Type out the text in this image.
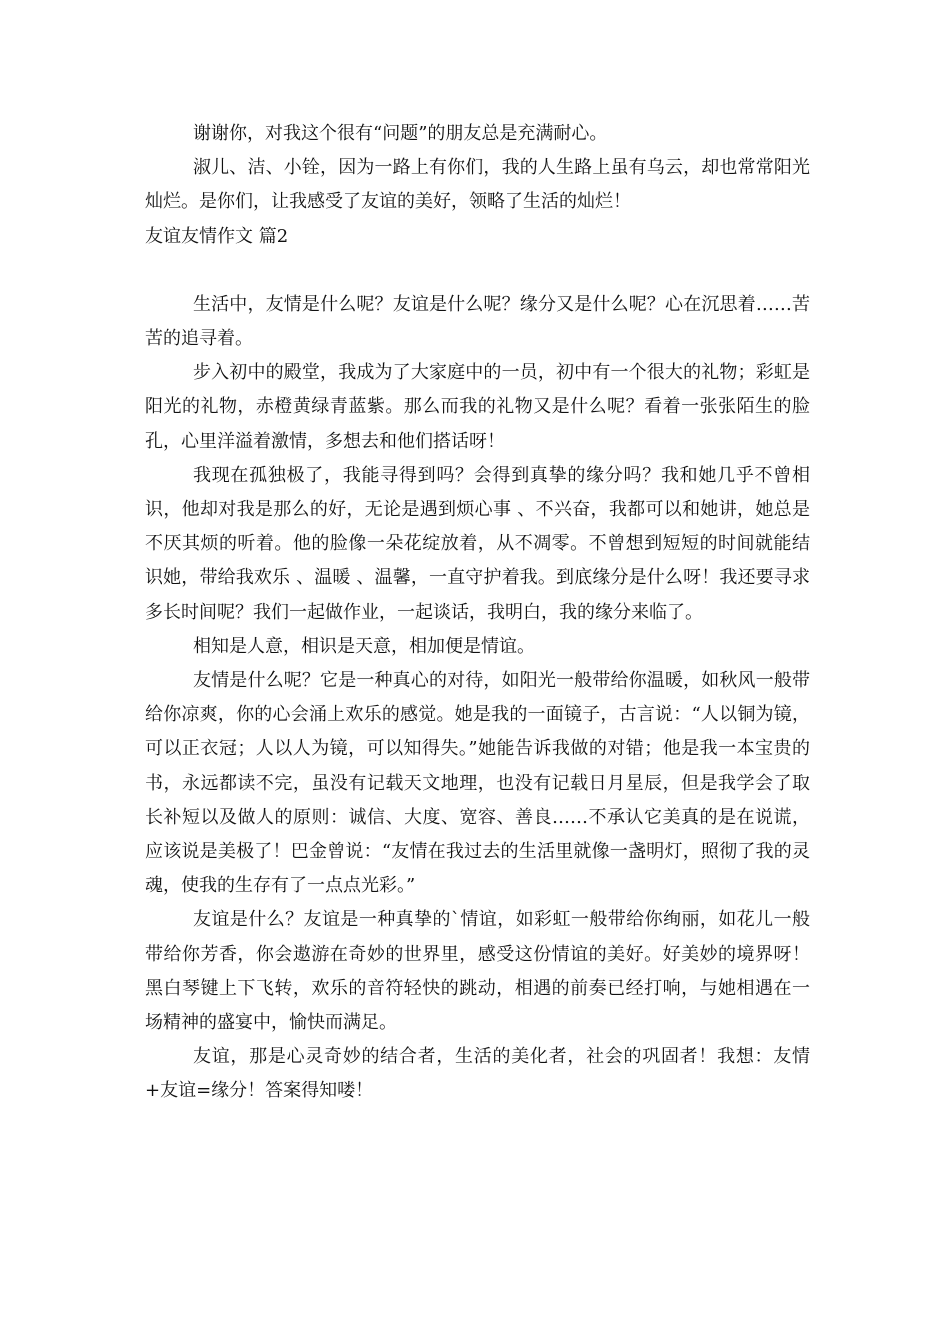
谢谢你，对我这个很有“问题”的朋友总是充满耐心。

淑儿、洁、小铨，因为一路上有你们，我的人生路上虽有乌云，却也常常阳光灿烂。是你们，让我感受了友谊的美好，领略了生活的灿烂！

友谊友情作文 篇2

生活中，友情是什么呢？友谊是什么呢？缘分又是什么呢？心在沉思着……苦苦的追寻着。

步入初中的殿堂，我成为了大家庭中的一员，初中有一个很大的礼物；彩虹是阳光的礼物，赤橙黄绿青蓝紫。那么而我的礼物又是什么呢？看着一张张陌生的脸孔，心里洋溢着激情，多想去和他们搭话呀！

我现在孤独极了，我能寻得到吗？会得到真挚的缘分吗？我和她几乎不曾相识，他却对我是那么的好，无论是遇到烦心事 、不兴奋，我都可以和她讲，她总是不厌其烦的听着。他的脸像一朵花绽放着，从不凋零。不曾想到短短的时间就能结识她，带给我欢乐 、温暖 、温馨，一直守护着我。到底缘分是什么呀！我还要寻求多长时间呢？我们一起做作业，一起谈话，我明白，我的缘分来临了。

相知是人意，相识是天意，相加便是情谊。

友情是什么呢？它是一种真心的对待，如阳光一般带给你温暖，如秋风一般带给你凉爽，你的心会涌上欢乐的感觉。她是我的一面镜子，古言说：“人以铜为镜，可以正衣冠；人以人为镜，可以知得失。”她能告诉我做的对错；他是我一本宝贵的书，永远都读不完，虽没有记载天文地理，也没有记载日月星辰，但是我学会了取长补短以及做人的原则：诚信、大度、宽容、善良……不承认它美真的是在说谎，应该说是美极了！巴金曾说：“友情在我过去的生活里就像一盏明灯，照彻了我的灵魂，使我的生存有了一点点光彩。”

友谊是什么？友谊是一种真挚的`情谊，如彩虹一般带给你绚丽，如花儿一般带给你芳香，你会遨游在奇妙的世界里，感受这份情谊的美好。好美妙的境界呀！黑白琴键上下飞转，欢乐的音符轻快的跳动，相遇的前奏已经打响，与她相遇在一场精神的盛宴中，愉快而满足。

友谊，那是心灵奇妙的结合者，生活的美化者，社会的巩固者！我想：友情+友谊=缘分！答案得知喽！
